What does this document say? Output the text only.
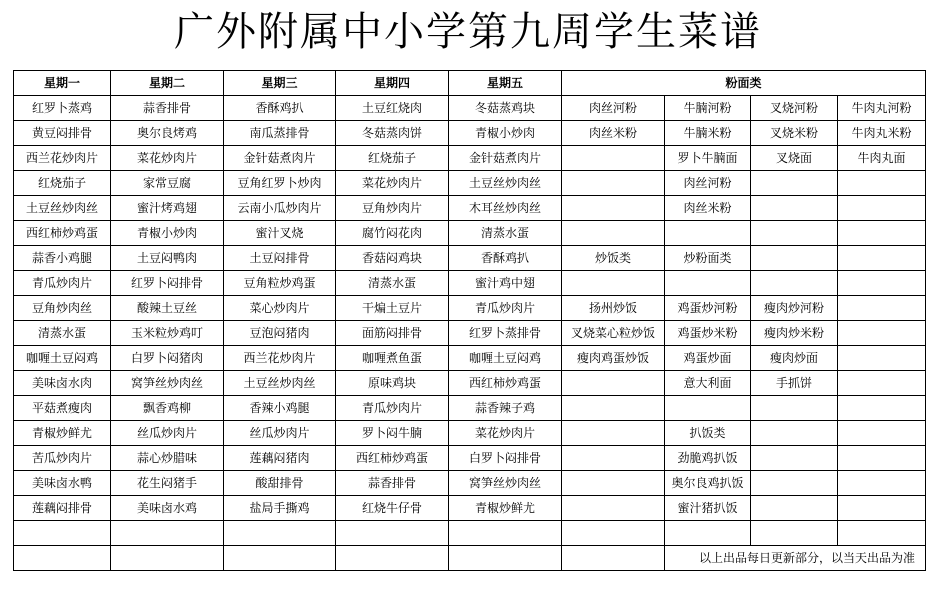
广外附属中小学第九周学生菜谱
星期一	星期二	星期三	星期四	星期五	粉面类			
红罗卜蒸鸡	蒜香排骨	香酥鸡扒	土豆红烧肉	冬菇蒸鸡块	肉丝河粉	牛腩河粉	叉烧河粉	牛肉丸河粉
黄豆闷排骨	奥尔良烤鸡	南瓜蒸排骨	冬菇蒸肉饼	青椒小炒肉	肉丝米粉	牛腩米粉	叉烧米粉	牛肉丸米粉
西兰花炒肉片	菜花炒肉片	金针菇煮肉片	红烧茄子	金针菇煮肉片		罗卜牛腩面	叉烧面	牛肉丸面
红烧茄子	家常豆腐	豆角红罗卜炒肉	菜花炒肉片	土豆丝炒肉丝		肉丝河粉		
土豆丝炒肉丝	蜜汁烤鸡翅	云南小瓜炒肉片	豆角炒肉片	木耳丝炒肉丝		肉丝米粉		
西红柿炒鸡蛋	青椒小炒肉	蜜汁叉烧	腐竹闷花肉	清蒸水蛋				
蒜香小鸡腿	土豆闷鸭肉	土豆闷排骨	香菇闷鸡块	香酥鸡扒	炒饭类	炒粉面类		
青瓜炒肉片	红罗卜闷排骨	豆角粒炒鸡蛋	清蒸水蛋	蜜汁鸡中翅				
豆角炒肉丝	酸辣土豆丝	菜心炒肉片	干煸土豆片	青瓜炒肉片	扬州炒饭	鸡蛋炒河粉	瘦肉炒河粉	
清蒸水蛋	玉米粒炒鸡叮	豆泡闷猪肉	面筋闷排骨	红罗卜蒸排骨	叉烧菜心粒炒饭	鸡蛋炒米粉	瘦肉炒米粉	
咖喱土豆闷鸡	白罗卜闷猪肉	西兰花炒肉片	咖喱煮鱼蛋	咖喱土豆闷鸡	瘦肉鸡蛋炒饭	鸡蛋炒面	瘦肉炒面	
美味卤水肉	窝笋丝炒肉丝	土豆丝炒肉丝	原味鸡块	西红柿炒鸡蛋		意大利面	手抓饼	
平菇煮瘦肉	飘香鸡柳	香辣小鸡腿	青瓜炒肉片	蒜香辣子鸡				
青椒炒鲜尤	丝瓜炒肉片	丝瓜炒肉片	罗卜闷牛腩	菜花炒肉片		扒饭类		
苦瓜炒肉片	蒜心炒腊味	莲藕闷猪肉	西红柿炒鸡蛋	白罗卜闷排骨		劲脆鸡扒饭		
美味卤水鸭	花生闷猪手	酸甜排骨	蒜香排骨	窝笋丝炒肉丝		奥尔良鸡扒饭		
莲藕闷排骨	美味卤水鸡	盐局手撕鸡	红烧牛仔骨	青椒炒鲜尤		蜜汁猪扒饭		

						以上出品每日更新部分，以当天出品为准		
